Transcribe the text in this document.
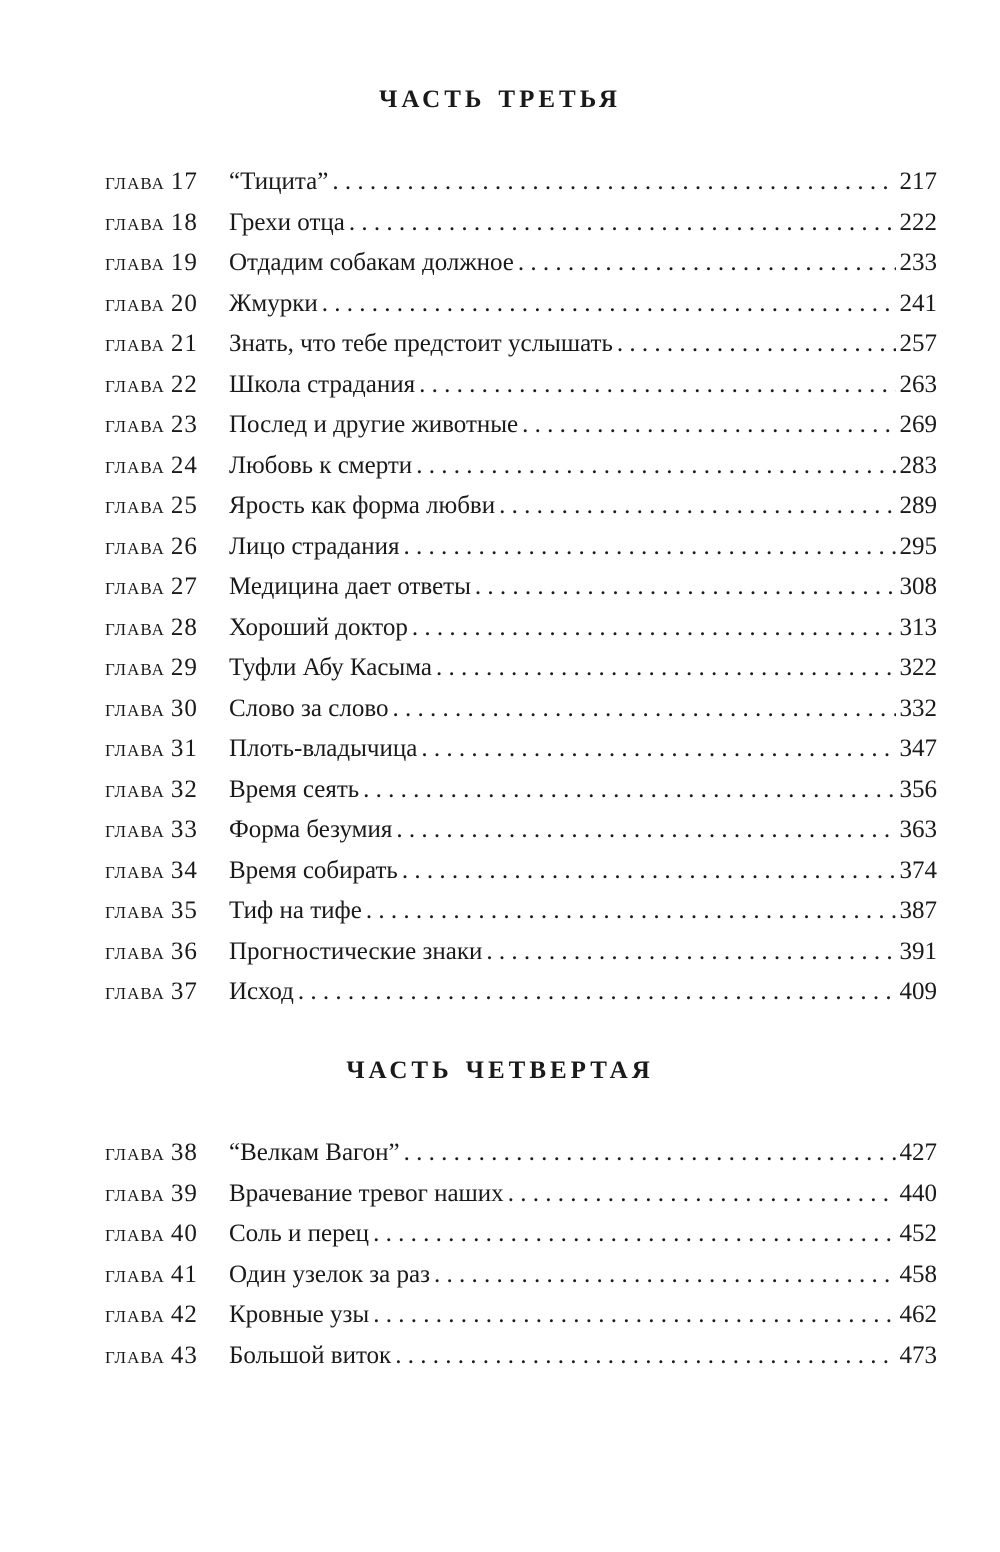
часть третья
глава 17	“Тицита” . . .	217
глава 18	Грехи отца . . .	222
глава 19	Отдадим собакам должное . . .	233
глава 20	Жмурки . . .	241
глава 21	Знать, что тебе предстоит услышать . . .	257
глава 22	Школа страдания . . .	263
глава 23	Послед и другие животные . . .	269
глава 24	Любовь к смерти . . .	283
глава 25	Ярость как форма любви . . .	289
глава 26	Лицо страдания . . .	295
глава 27	Медицина дает ответы . . .	308
глава 28	Хороший доктор . . .	313
глава 29	Туфли Абу Касыма . . .	322
глава 30	Слово за слово . . .	332
глава 31	Плоть-владычица . . .	347
глава 32	Время сеять . . .	356
глава 33	Форма безумия . . .	363
глава 34	Время собирать . . .	374
глава 35	Тиф на тифе . . .	387
глава 36	Прогностические знаки . . .	391
глава 37	Исход . . .	409
часть четвертая
глава 38	“Велкам Вагон” . . .	427
глава 39	Врачевание тревог наших . . .	440
глава 40	Соль и перец . . .	452
глава 41	Один узелок за раз . . .	458
глава 42	Кровные узы . . .	462
глава 43	Большой виток . . .	473
